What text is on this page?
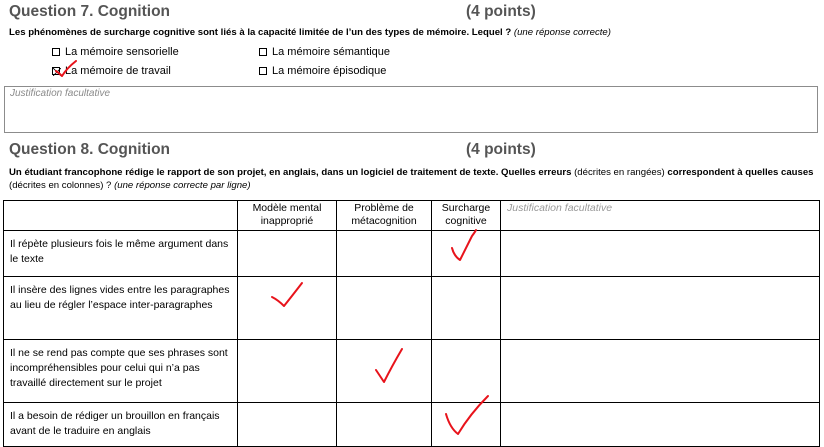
Question 7. Cognition	(4 points)
Les phénomènes de surcharge cognitive sont liés à la capacité limitée de l’un des types de mémoire. Lequel ? (une réponse correcte)
La mémoire sensorielle	La mémoire sémantique
La mémoire de travail	La mémoire épisodique
Justification facultative
Question 8. Cognition	(4 points)
Un étudiant francophone rédige le rapport de son projet, en anglais, dans un logiciel de traitement de texte. Quelles erreurs (décrites en rangées) correspondent à quelles causes (décrites en colonnes) ? (une réponse correcte par ligne)
	Modèle mental inapproprié	Problème de métacognition	Surcharge cognitive	Justification facultative
Il répète plusieurs fois le même argument dans le texte				
Il insère des lignes vides entre les paragraphes au lieu de régler l’espace inter-paragraphes				
Il ne se rend pas compte que ses phrases sont incompréhensibles pour celui qui n’a pas travaillé directement sur le projet				
Il a besoin de rédiger un brouillon en français avant de le traduire en anglais				
